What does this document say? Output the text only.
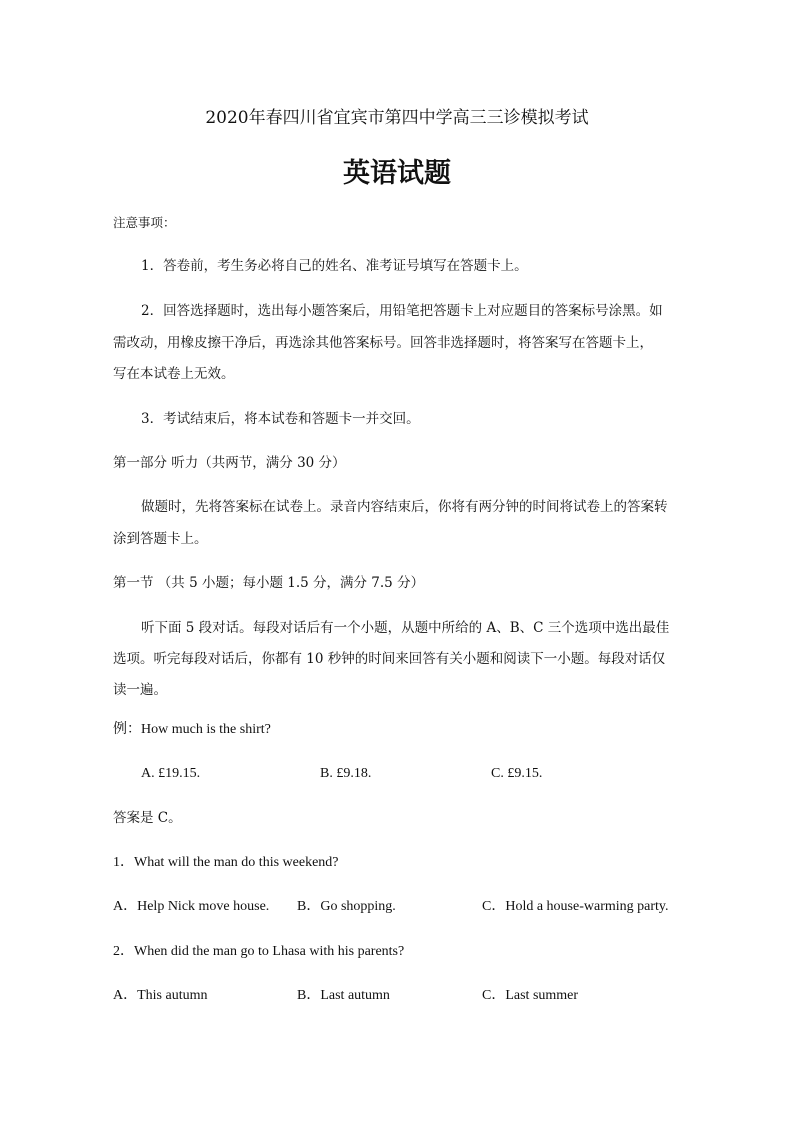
2020年春四川省宜宾市第四中学高三三诊模拟考试
英语试题
注意事项：
1．答卷前，考生务必将自己的姓名、准考证号填写在答题卡上。
2．回答选择题时，选出每小题答案后，用铅笔把答题卡上对应题目的答案标号涂黑。如
需改动，用橡皮擦干净后，再选涂其他答案标号。回答非选择题时，将答案写在答题卡上，
写在本试卷上无效。
3．考试结束后，将本试卷和答题卡一并交回。
第一部分 听力（共两节，满分 30 分）
做题时，先将答案标在试卷上。录音内容结束后，你将有两分钟的时间将试卷上的答案转
涂到答题卡上。
第一节 （共 5 小题；每小题 1.5 分，满分 7.5 分）
听下面 5 段对话。每段对话后有一个小题，从题中所给的 A、B、C 三个选项中选出最佳
选项。听完每段对话后，你都有 10 秒钟的时间来回答有关小题和阅读下一小题。每段对话仅
读一遍。
例：How much is the shirt?
A. £19.15.	B. £9.18.	C. £9.15.
答案是 C。
1．What will the man do this weekend?
A．Help Nick move house. B．Go shopping.	C．Hold a house-warming party.
2．When did the man go to Lhasa with his parents?
A．This autumn	B．Last autumn	C．Last summer
